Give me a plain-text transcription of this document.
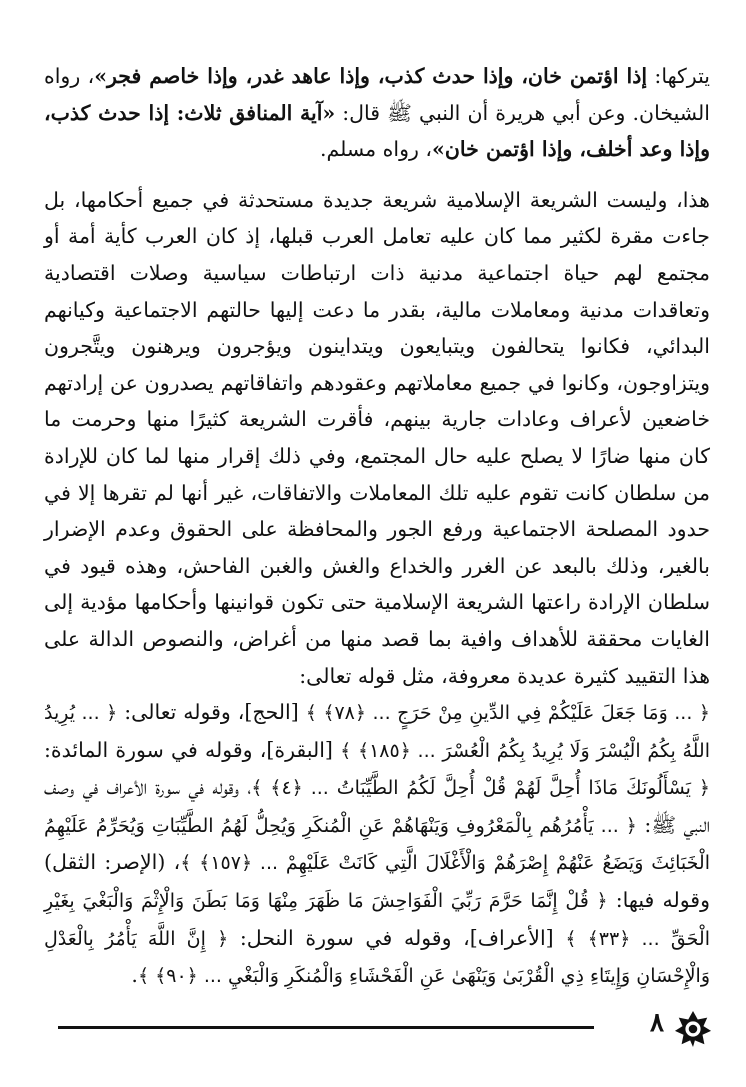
يتركها: إذا اؤتمن خان، وإذا حدث كذب، وإذا عاهد غدر، وإذا خاصم فجر»، رواه الشيخان. وعن أبي هريرة أن النبي ﷺ قال: «آية المنافق ثلاث: إذا حدث كذب، وإذا وعد أخلف، وإذا اؤتمن خان»، رواه مسلم.

هذا، وليست الشريعة الإسلامية شريعة جديدة مستحدثة في جميع أحكامها، بل جاءت مقرة لكثير مما كان عليه تعامل العرب قبلها، إذ كان العرب كأية أمة أو مجتمع لهم حياة اجتماعية مدنية ذات ارتباطات سياسية وصلات اقتصادية وتعاقدات مدنية ومعاملات مالية، بقدر ما دعت إليها حالتهم الاجتماعية وكيانهم البدائي، فكانوا يتحالفون ويتبايعون ويتداينون ويؤجرون ويرهنون ويتَّجرون ويتزاوجون، وكانوا في جميع معاملاتهم وعقودهم واتفاقاتهم يصدرون عن إرادتهم خاضعين لأعراف وعادات جارية بينهم، فأقرت الشريعة كثيرًا منها وحرمت ما كان منها ضارًا لا يصلح عليه حال المجتمع، وفي ذلك إقرار منها لما كان للإرادة من سلطان كانت تقوم عليه تلك المعاملات والاتفاقات، غير أنها لم تقرها إلا في حدود المصلحة الاجتماعية ورفع الجور والمحافظة على الحقوق وعدم الإضرار بالغير، وذلك بالبعد عن الغرر والخداع والغش والغبن الفاحش، وهذه قيود في سلطان الإرادة راعتها الشريعة الإسلامية حتى تكون قوانينها وأحكامها مؤدية إلى الغايات محققة للأهداف وافية بما قصد منها من أغراض، والنصوص الدالة على هذا التقييد كثيرة عديدة معروفة، مثل قوله تعالى:

﴿ ... وَمَا جَعَلَ عَلَيْكُمْ فِي الدِّينِ مِنْ حَرَجٍ ... ﴿٧٨﴾ ﴾ [الحج]، وقوله تعالى: ﴿ ... يُرِيدُ اللَّهُ بِكُمُ الْيُسْرَ وَلَا يُرِيدُ بِكُمُ الْعُسْرَ ... ﴿١٨٥﴾ ﴾ [البقرة]، وقوله في سورة المائدة: ﴿ يَسْأَلُونَكَ مَاذَا أُحِلَّ لَهُمْ قُلْ أُحِلَّ لَكُمُ الطَّيِّبَاتُ ... ﴿٤﴾ ﴾، وقوله في سورة الأعراف في وصف النبي ﷺ: ﴿ ... يَأْمُرُهُم بِالْمَعْرُوفِ وَيَنْهَاهُمْ عَنِ الْمُنكَرِ وَيُحِلُّ لَهُمُ الطَّيِّبَاتِ وَيُحَرِّمُ عَلَيْهِمُ الْخَبَائِثَ وَيَضَعُ عَنْهُمْ إِصْرَهُمْ وَالْأَغْلَالَ الَّتِي كَانَتْ عَلَيْهِمْ ... ﴿١٥٧﴾ ﴾، (الإصر: الثقل) وقوله فيها: ﴿ قُلْ إِنَّمَا حَرَّمَ رَبِّيَ الْفَوَاحِشَ مَا ظَهَرَ مِنْهَا وَمَا بَطَنَ وَالْإِثْمَ وَالْبَغْيَ بِغَيْرِ الْحَقِّ ... ﴿٣٣﴾ ﴾ [الأعراف]، وقوله في سورة النحل: ﴿ إِنَّ اللَّهَ يَأْمُرُ بِالْعَدْلِ وَالْإِحْسَانِ وَإِيتَاءِ ذِي الْقُرْبَىٰ وَيَنْهَىٰ عَنِ الْفَحْشَاءِ وَالْمُنكَرِ وَالْبَغْيِ ... ﴿٩٠﴾ ﴾.

٨
